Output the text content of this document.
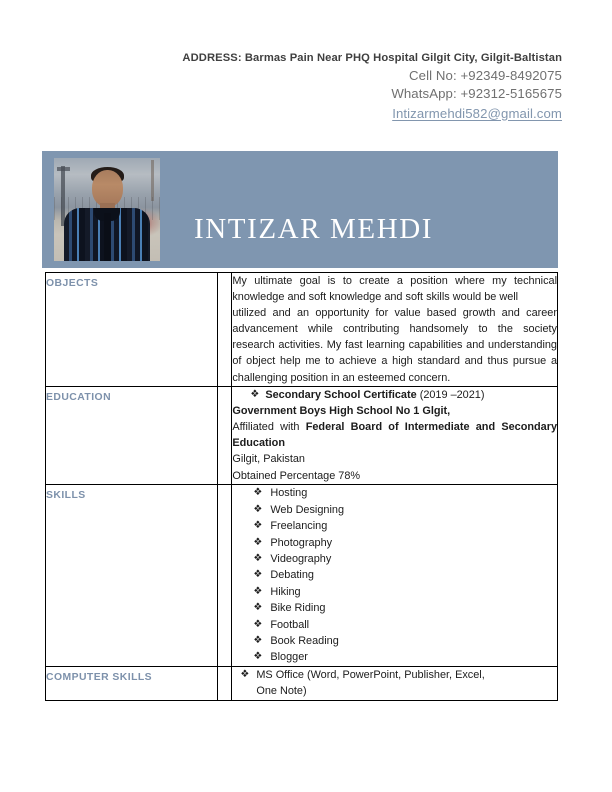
ADDRESS: Barmas Pain Near PHQ Hospital Gilgit City, Gilgit-Baltistan
Cell No: +92349-8492075
WhatsApp: +92312-5165675
Intizarmehdi582@gmail.com
INTIZAR MEHDI
OBJECTS		My ultimate goal is to create a position where my technical knowledge and soft knowledge and soft skills would be well

utilized and an opportunity for value based growth and career advancement while contributing handsomely to the society research activities. My fast learning capabilities and understanding of object help me to achieve a high standard and thus pursue a challenging position in an esteemed concern.

EDUCATION		❖ Secondary School Certificate (2019 –2021)

Government Boys High School No 1 Glgit,

Affiliated with Federal Board of Intermediate and Secondary Education

Gilgit, Pakistan

Obtained Percentage 78%

SKILLS		❖ Hosting
❖ Web Designing
❖ Freelancing
❖ Photography
❖ Videography
❖ Debating
❖ Hiking
❖ Bike Riding
❖ Football
❖ Book Reading
❖ Blogger

COMPUTER SKILLS		❖ MS Office (Word, PowerPoint, Publisher, Excel,
One Note)
